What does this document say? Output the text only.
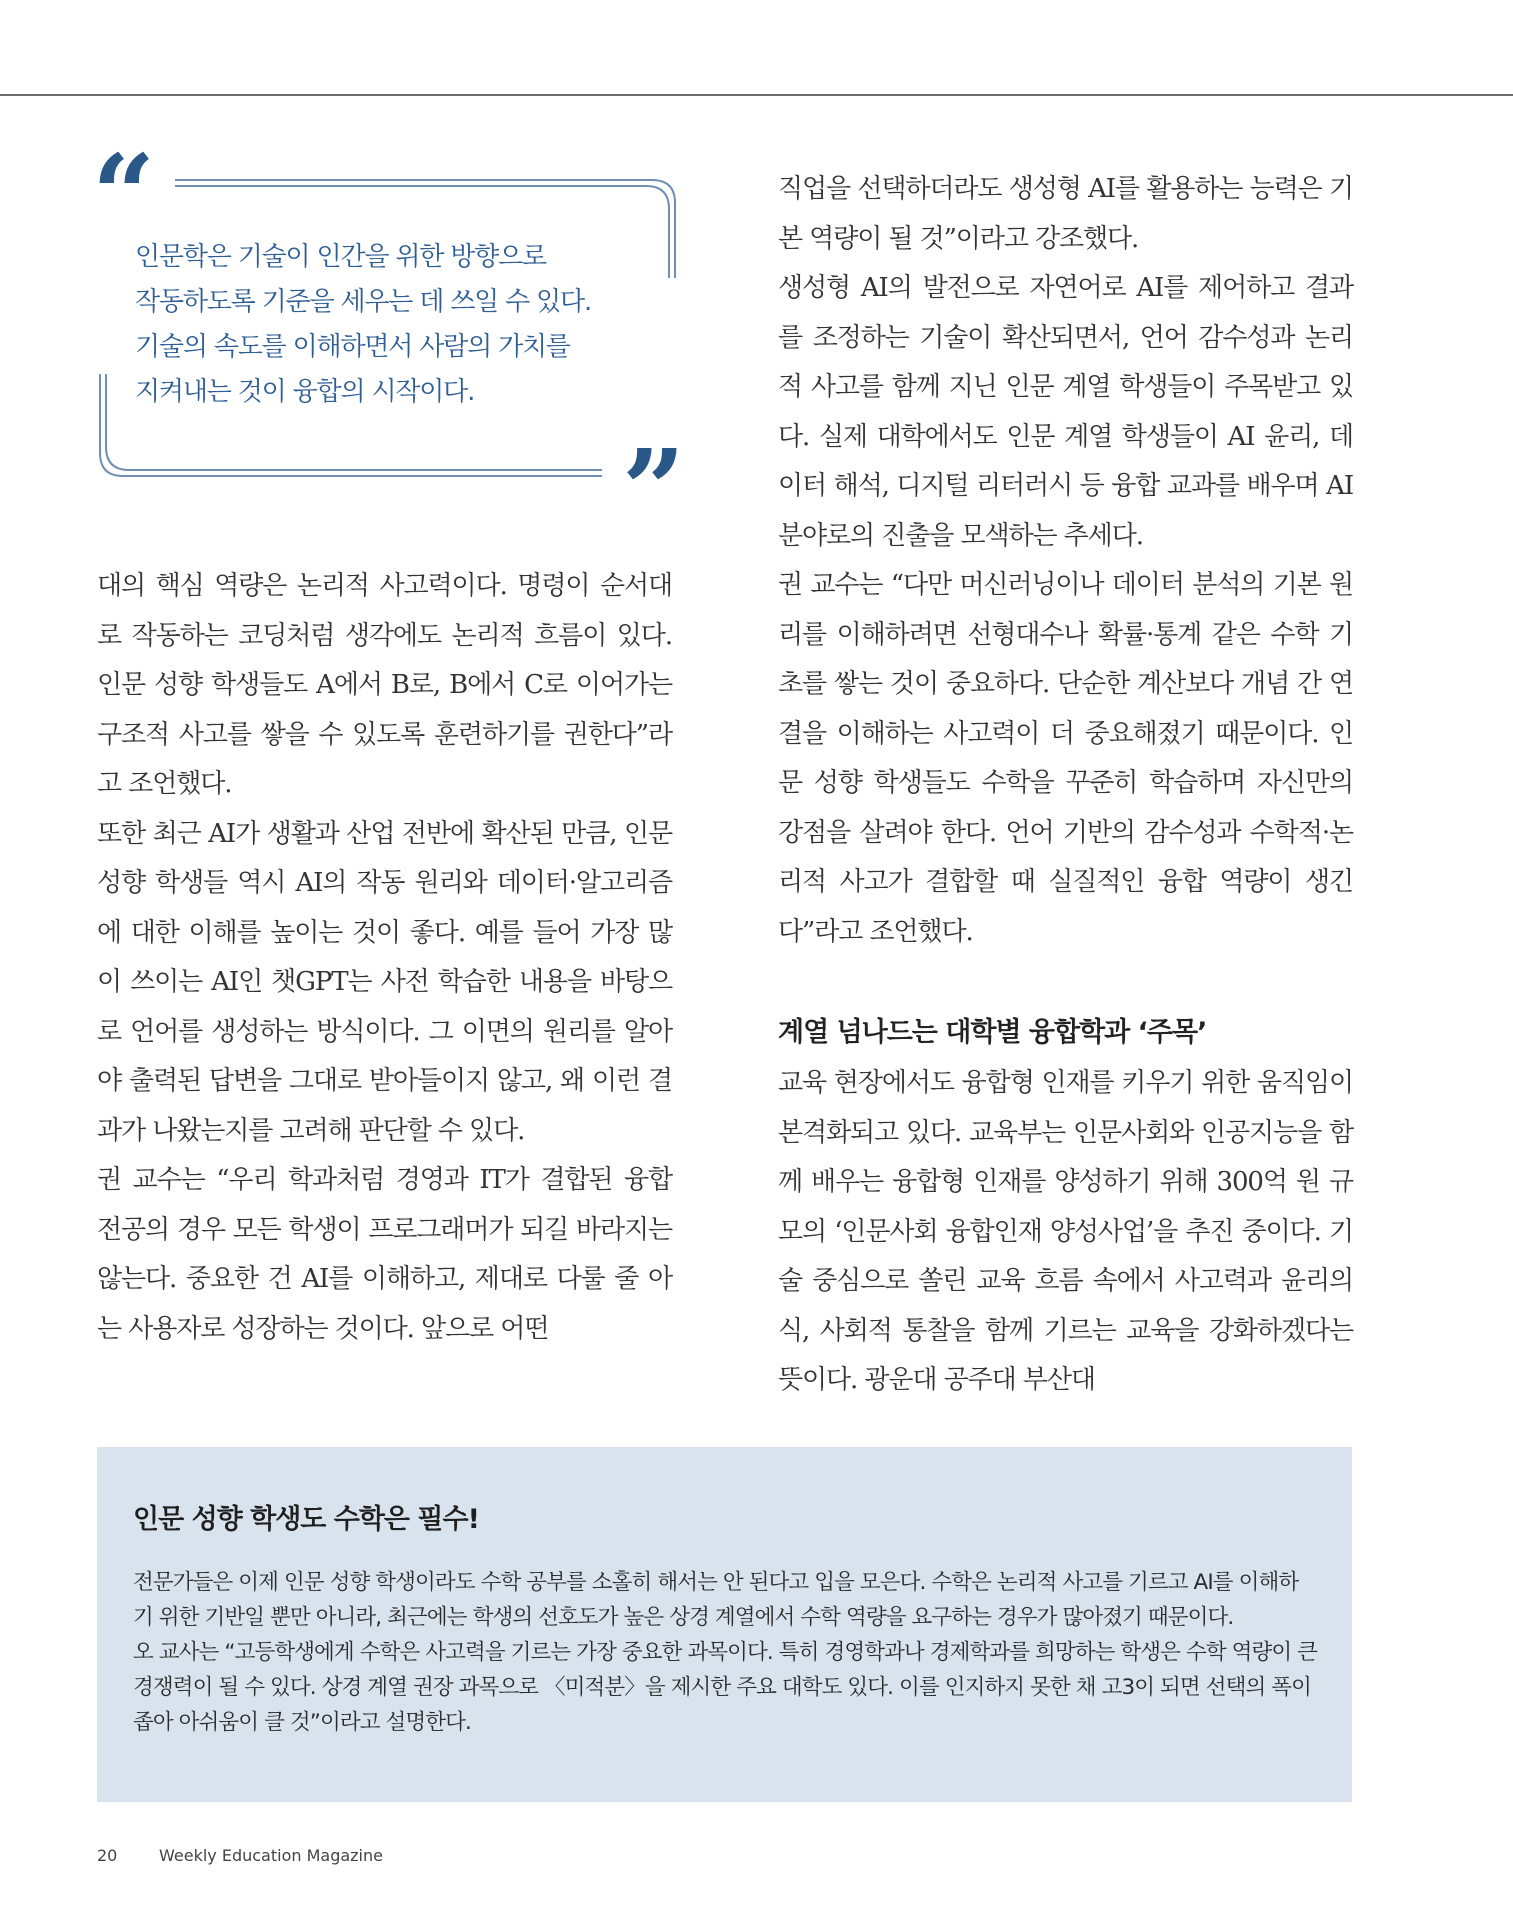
“
”
인문학은 기술이 인간을 위한 방향으로
작동하도록 기준을 세우는 데 쓰일 수 있다.
기술의 속도를 이해하면서 사람의 가치를
지켜내는 것이 융합의 시작이다.

대의 핵심 역량은 논리적 사고력이다. 명령이 순서대로 작동하는 코딩처럼 생각에도 논리적 흐름이 있다. 인문 성향 학생들도 A에서 B로, B에서 C로 이어가는 구조적 사고를 쌓을 수 있도록 훈련하기를 권한다”라고 조언했다.

또한 최근 AI가 생활과 산업 전반에 확산된 만큼, 인문 성향 학생들 역시 AI의 작동 원리와 데이터·알고리즘에 대한 이해를 높이는 것이 좋다. 예를 들어 가장 많이 쓰이는 AI인 챗GPT는 사전 학습한 내용을 바탕으로 언어를 생성하는 방식이다. 그 이면의 원리를 알아야 출력된 답변을 그대로 받아들이지 않고, 왜 이런 결과가 나왔는지를 고려해 판단할 수 있다.

권 교수는 “우리 학과처럼 경영과 IT가 결합된 융합 전공의 경우 모든 학생이 프로그래머가 되길 바라지는 않는다. 중요한 건 AI를 이해하고, 제대로 다룰 줄 아는 사용자로 성장하는 것이다. 앞으로 어떤

직업을 선택하더라도 생성형 AI를 활용하는 능력은 기본 역량이 될 것”이라고 강조했다.

생성형 AI의 발전으로 자연어로 AI를 제어하고 결과를 조정하는 기술이 확산되면서, 언어 감수성과 논리적 사고를 함께 지닌 인문 계열 학생들이 주목받고 있다. 실제 대학에서도 인문 계열 학생들이 AI 윤리, 데이터 해석, 디지털 리터러시 등 융합 교과를 배우며 AI 분야로의 진출을 모색하는 추세다.

권 교수는 “다만 머신러닝이나 데이터 분석의 기본 원리를 이해하려면 선형대수나 확률·통계 같은 수학 기초를 쌓는 것이 중요하다. 단순한 계산보다 개념 간 연결을 이해하는 사고력이 더 중요해졌기 때문이다. 인문 성향 학생들도 수학을 꾸준히 학습하며 자신만의 강점을 살려야 한다. 언어 기반의 감수성과 수학적·논리적 사고가 결합할 때 실질적인 융합 역량이 생긴다”라고 조언했다.

계열 넘나드는 대학별 융합학과 ‘주목’

교육 현장에서도 융합형 인재를 키우기 위한 움직임이 본격화되고 있다. 교육부는 인문사회와 인공지능을 함께 배우는 융합형 인재를 양성하기 위해 300억 원 규모의 ‘인문사회 융합인재 양성사업’을 추진 중이다. 기술 중심으로 쏠린 교육 흐름 속에서 사고력과 윤리의식, 사회적 통찰을 함께 기르는 교육을 강화하겠다는 뜻이다. 광운대 공주대 부산대

인문 성향 학생도 수학은 필수!

전문가들은 이제 인문 성향 학생이라도 수학 공부를 소홀히 해서는 안 된다고 입을 모은다. 수학은 논리적 사고를 기르고 AI를 이해하기 위한 기반일 뿐만 아니라, 최근에는 학생의 선호도가 높은 상경 계열에서 수학 역량을 요구하는 경우가 많아졌기 때문이다.

오 교사는 “고등학생에게 수학은 사고력을 기르는 가장 중요한 과목이다. 특히 경영학과나 경제학과를 희망하는 학생은 수학 역량이 큰 경쟁력이 될 수 있다. 상경 계열 권장 과목으로 〈미적분〉을 제시한 주요 대학도 있다. 이를 인지하지 못한 채 고3이 되면 선택의 폭이 좁아 아쉬움이 클 것”이라고 설명한다.

20	Weekly Education Magazine
